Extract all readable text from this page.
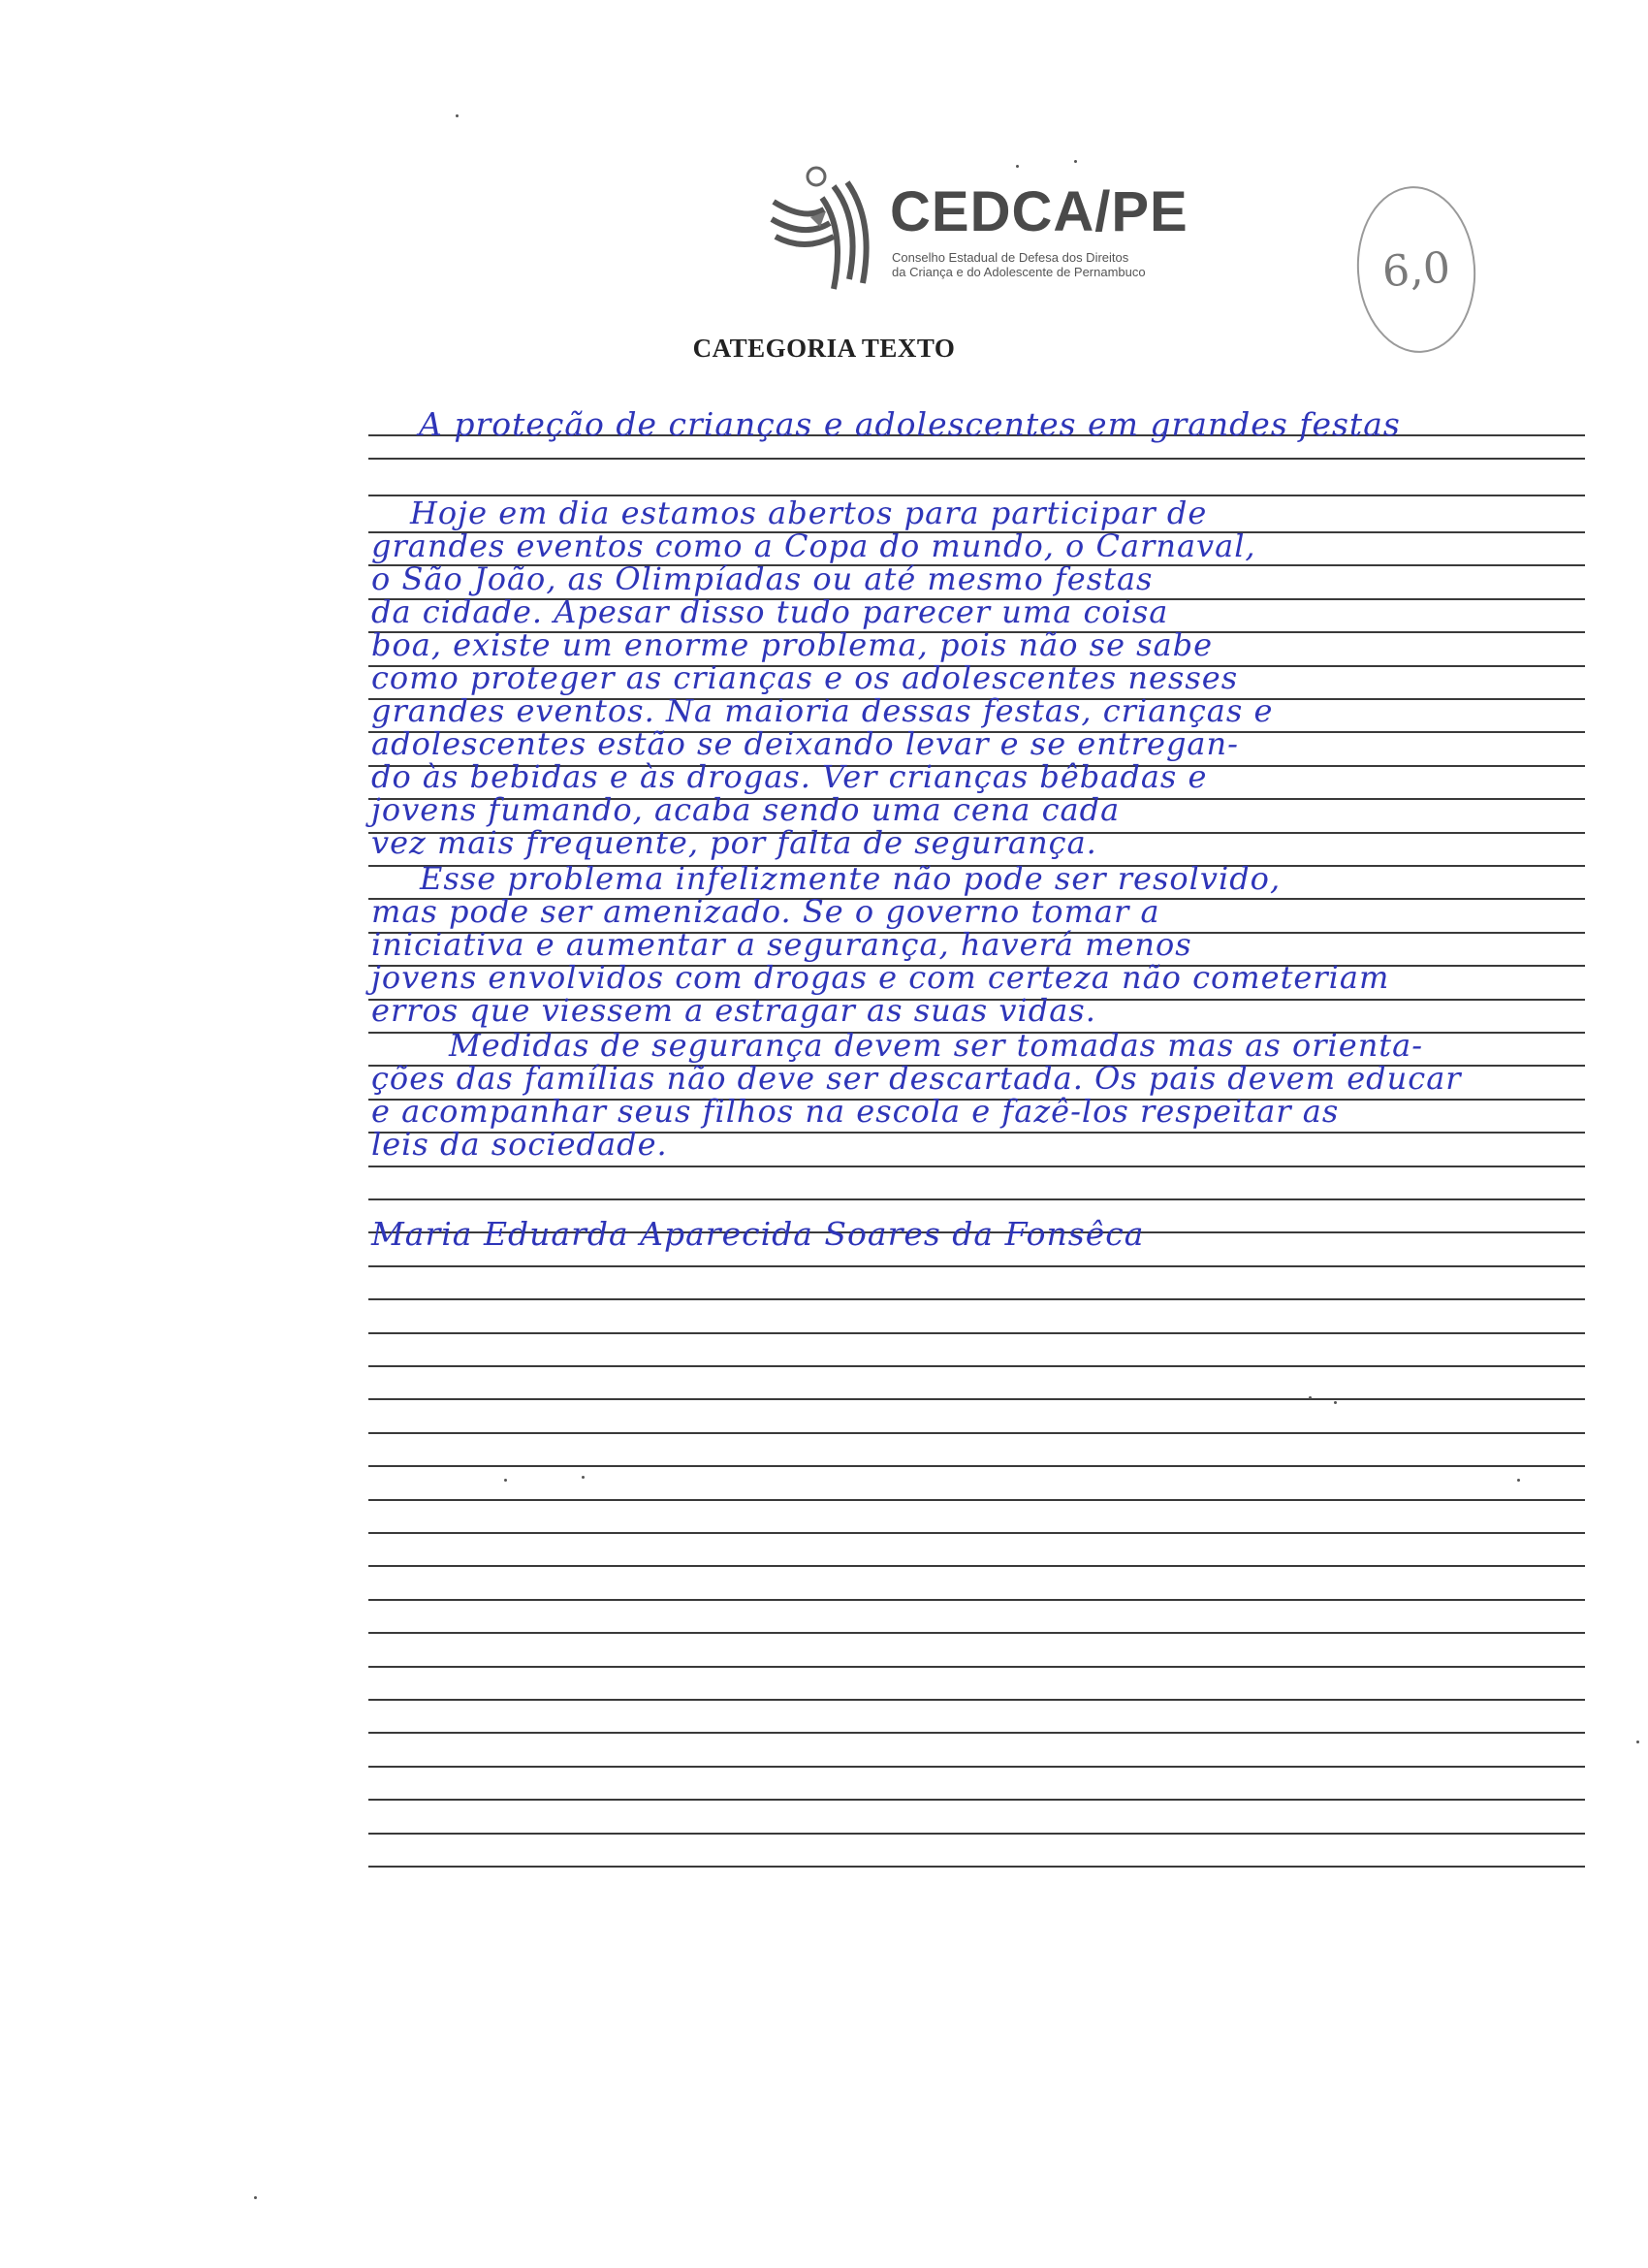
CEDCA/PE
Conselho Estadual de Defesa dos Direitos
da Criança e do Adolescente de Pernambuco	6,0
CATEGORIA TEXTO
A proteção de crianças e adolescentes em grandes festas
Hoje em dia estamos abertos para participar de
grandes eventos como a Copa do mundo, o Carnaval,
o São João, as Olimpíadas ou até mesmo festas
da cidade. Apesar disso tudo parecer uma coisa
boa, existe um enorme problema, pois não se sabe
como proteger as crianças e os adolescentes nesses
grandes eventos. Na maioria dessas festas, crianças e
adolescentes estão se deixando levar e se entregan-
do às bebidas e às drogas. Ver crianças bêbadas e
jovens fumando, acaba sendo uma cena cada
vez mais frequente, por falta de segurança.
Esse problema infelizmente não pode ser resolvido,
mas pode ser amenizado. Se o governo tomar a
iniciativa e aumentar a segurança, haverá menos
jovens envolvidos com drogas e com certeza não cometeriam
erros que viessem a estragar as suas vidas.
Medidas de segurança devem ser tomadas mas as orienta-
ções das famílias não deve ser descartada. Os pais devem educar
e acompanhar seus filhos na escola e fazê-los respeitar as
leis da sociedade.
Maria Eduarda Aparecida Soares da Fonsêca
